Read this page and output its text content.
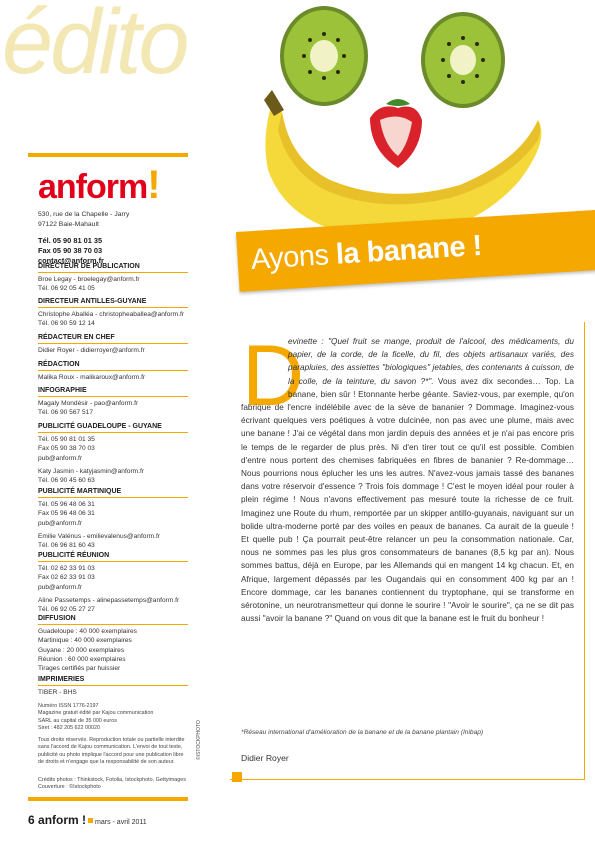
édito
anform!
530, rue de la Chapelle - Jarry
97122 Baie-Mahault
Tél. 05 90 81 01 35
Fax 05 90 38 70 03
contact@anform.fr
DIRECTEUR DE PUBLICATION
Broe Legay - broelegay@anform.fr
Tél. 06 92 05 41 05
DIRECTEUR ANTILLES-GUYANE
Christophe Aballéa - christopheaballea@anform.fr
Tél. 06 90 59 12 14
RÉDACTEUR EN CHEF
Didier Royer - didierroyer@anform.fr
RÉDACTION
Malika Roux - malikaroux@anform.fr
INFOGRAPHIE
Magaly Mondésir - pao@anform.fr
Tél. 06 90 567 517
PUBLICITÉ GUADELOUPE - GUYANE
Tél. 05 90 81 01 35
Fax 05 90 38 70 03
pub@anform.fr
Katy Jasmin - katyjasmin@anform.fr
Tél. 06 90 45 60 63
PUBLICITÉ MARTINIQUE
Tél. 05 96 48 06 31
Fax 05 96 48 06 31
pub@anform.fr
Emilie Valénus - emilievalenus@anform.fr
Tél. 06 96 81 60 43
PUBLICITÉ RÉUNION
Tél. 02 62 33 91 03
Fax 02 62 33 91 03
pub@anform.fr
Aline Passetemps - alinepassetemps@anform.fr
Tél. 06 92 05 27 27
DIFFUSION
Guadeloupe : 40 000 exemplaires
Martinique : 40 000 exemplaires
Guyane : 20 000 exemplaires
Réunion : 60 000 exemplaires
Tirages certifiés par huissier
IMPRIMERIES
TIBER - BHS
Numéro ISSN 1776-2197
Magazine gratuit édité par Kajou communication
SARL au capital de 35 000 euros
Siret : 482 205 622 00020
Tous droits réservés. Reproduction totale ou partielle interdite sans l'accord de Kajou communication. L'envoi de tout texte, publicité ou photo implique l'accord pour une publication libre de droits et n'engage que la responsabilité de son auteur.
Crédits photos : Thinkstock, Fotolia, Istockphoto, Gettyimages
Couverture : ©Istockphoto
©ISTOCKPHOTO
Ayons la banane !
D
evinette : "Quel fruit se mange, produit de l'alcool, des médicaments, du papier, de la corde, de la ficelle, du fil, des objets artisanaux variés, des parapluies, des assiettes "biologiques" jetables, des contenants à cuisson, de la colle, de la teinture, du savon ?*". Vous avez dix secondes… Top. La banane, bien sûr ! Etonnante herbe géante. Saviez-vous, par exemple, qu'on fabrique de l'encre indélébile avec de la sève de bananier ? Dommage. Imaginez-vous écrivant quelques vers poétiques à votre dulcinée, non pas avec une plume, mais avec une banane ! J'ai ce végétal dans mon jardin depuis des années et je n'ai pas encore pris le temps de le regarder de plus près. Ni d'en tirer tout ce qu'il est possible. Combien d'entre nous portent des chemises fabriquées en fibres de bananier ? Re-dommage… Nous pourrions nous éplucher les uns les autres. N'avez-vous jamais tassé des bananes dans votre réservoir d'essence ? Trois fois dommage ! C'est le moyen idéal pour rouler à plein régime ! Nous n'avons effectivement pas mesuré toute la richesse de ce fruit. Imaginez une Route du rhum, remportée par un skipper antillo-guyanais, naviguant sur un bolide ultra-moderne porté par des voiles en peaux de bananes. Ca aurait de la gueule ! Et quelle pub ! Ça pourrait peut-être relancer un peu la consommation nationale. Car, nous ne sommes pas les plus gros consommateurs de bananes (8,5 kg par an). Nous sommes battus, déjà en Europe, par les Allemands qui en mangent 14 kg chacun. Et, en Afrique, largement dépassés par les Ougandais qui en consomment 400 kg par an ! Encore dommage, car les bananes contiennent du tryptophane, qui se transforme en sérotonine, un neurotransmetteur qui donne le sourire ! "Avoir le sourire", ça ne se dit pas aussi "avoir la banane ?" Quand on vous dit que la banane est le fruit du bonheur !
*Réseau international d'amélioration de la banane et de la banane plantain (Inibap)
Didier Royer
6 anform ! mars - avril 2011
